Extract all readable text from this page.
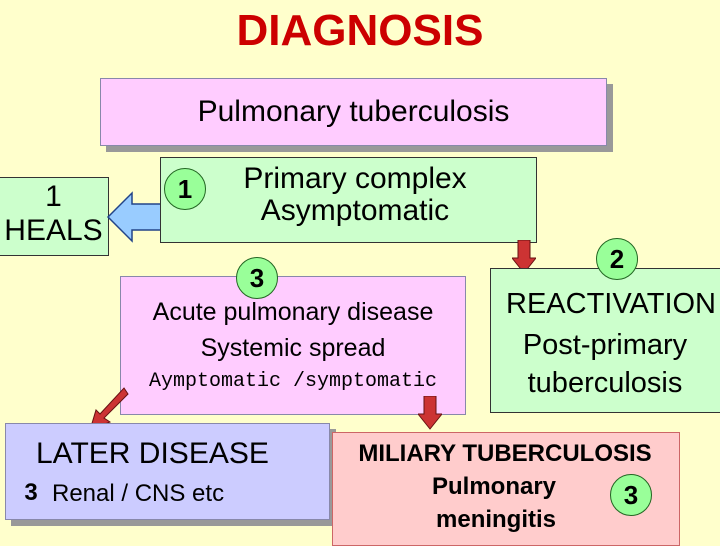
DIAGNOSIS
Pulmonary tuberculosis
1
HEALS
1	Primary complex
Asymptomatic
3
Acute pulmonary disease
Systemic spread
Aymptomatic /symptomatic
2
REACTIVATION
Post-primary
tuberculosis
LATER DISEASE
3 Renal / CNS etc
MILIARY TUBERCULOSIS
Pulmonary	3
meningitis
